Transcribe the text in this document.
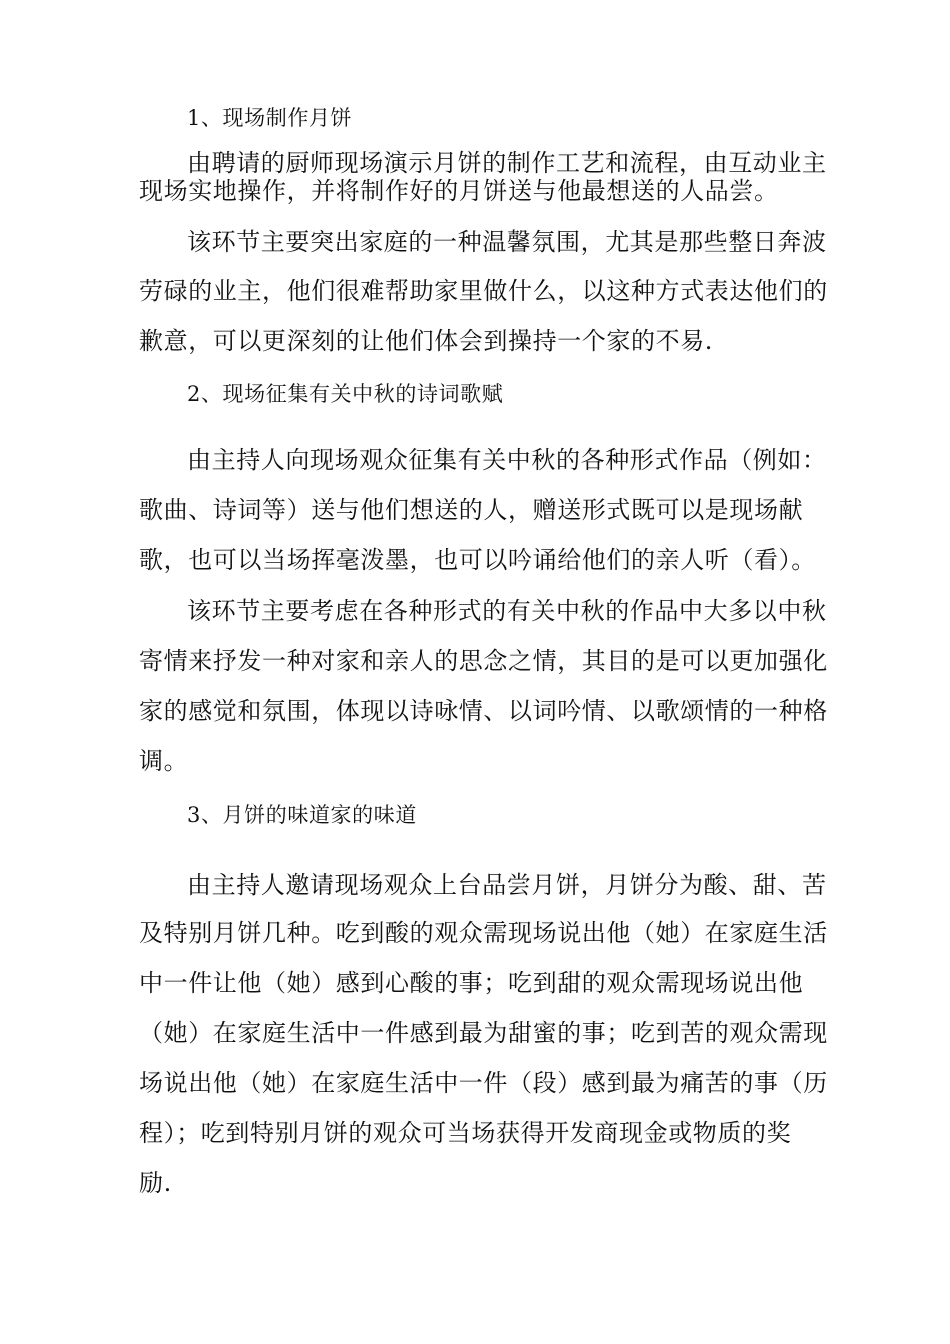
1、现场制作月饼
由聘请的厨师现场演示月饼的制作工艺和流程，由互动业主
现场实地操作，并将制作好的月饼送与他最想送的人品尝。
该环节主要突出家庭的一种温馨氛围，尤其是那些整日奔波
劳碌的业主，他们很难帮助家里做什么，以这种方式表达他们的
歉意，可以更深刻的让他们体会到操持一个家的不易.
2、现场征集有关中秋的诗词歌赋
由主持人向现场观众征集有关中秋的各种形式作品（例如：
歌曲、诗词等）送与他们想送的人，赠送形式既可以是现场献
歌，也可以当场挥毫泼墨，也可以吟诵给他们的亲人听（看）。
该环节主要考虑在各种形式的有关中秋的作品中大多以中秋
寄情来抒发一种对家和亲人的思念之情，其目的是可以更加强化
家的感觉和氛围，体现以诗咏情、以词吟情、以歌颂情的一种格
调。
3、月饼的味道家的味道
由主持人邀请现场观众上台品尝月饼，月饼分为酸、甜、苦
及特别月饼几种。吃到酸的观众需现场说出他（她）在家庭生活
中一件让他（她）感到心酸的事；吃到甜的观众需现场说出他
（她）在家庭生活中一件感到最为甜蜜的事；吃到苦的观众需现
场说出他（她）在家庭生活中一件（段）感到最为痛苦的事（历
程）；吃到特别月饼的观众可当场获得开发商现金或物质的奖
励.
